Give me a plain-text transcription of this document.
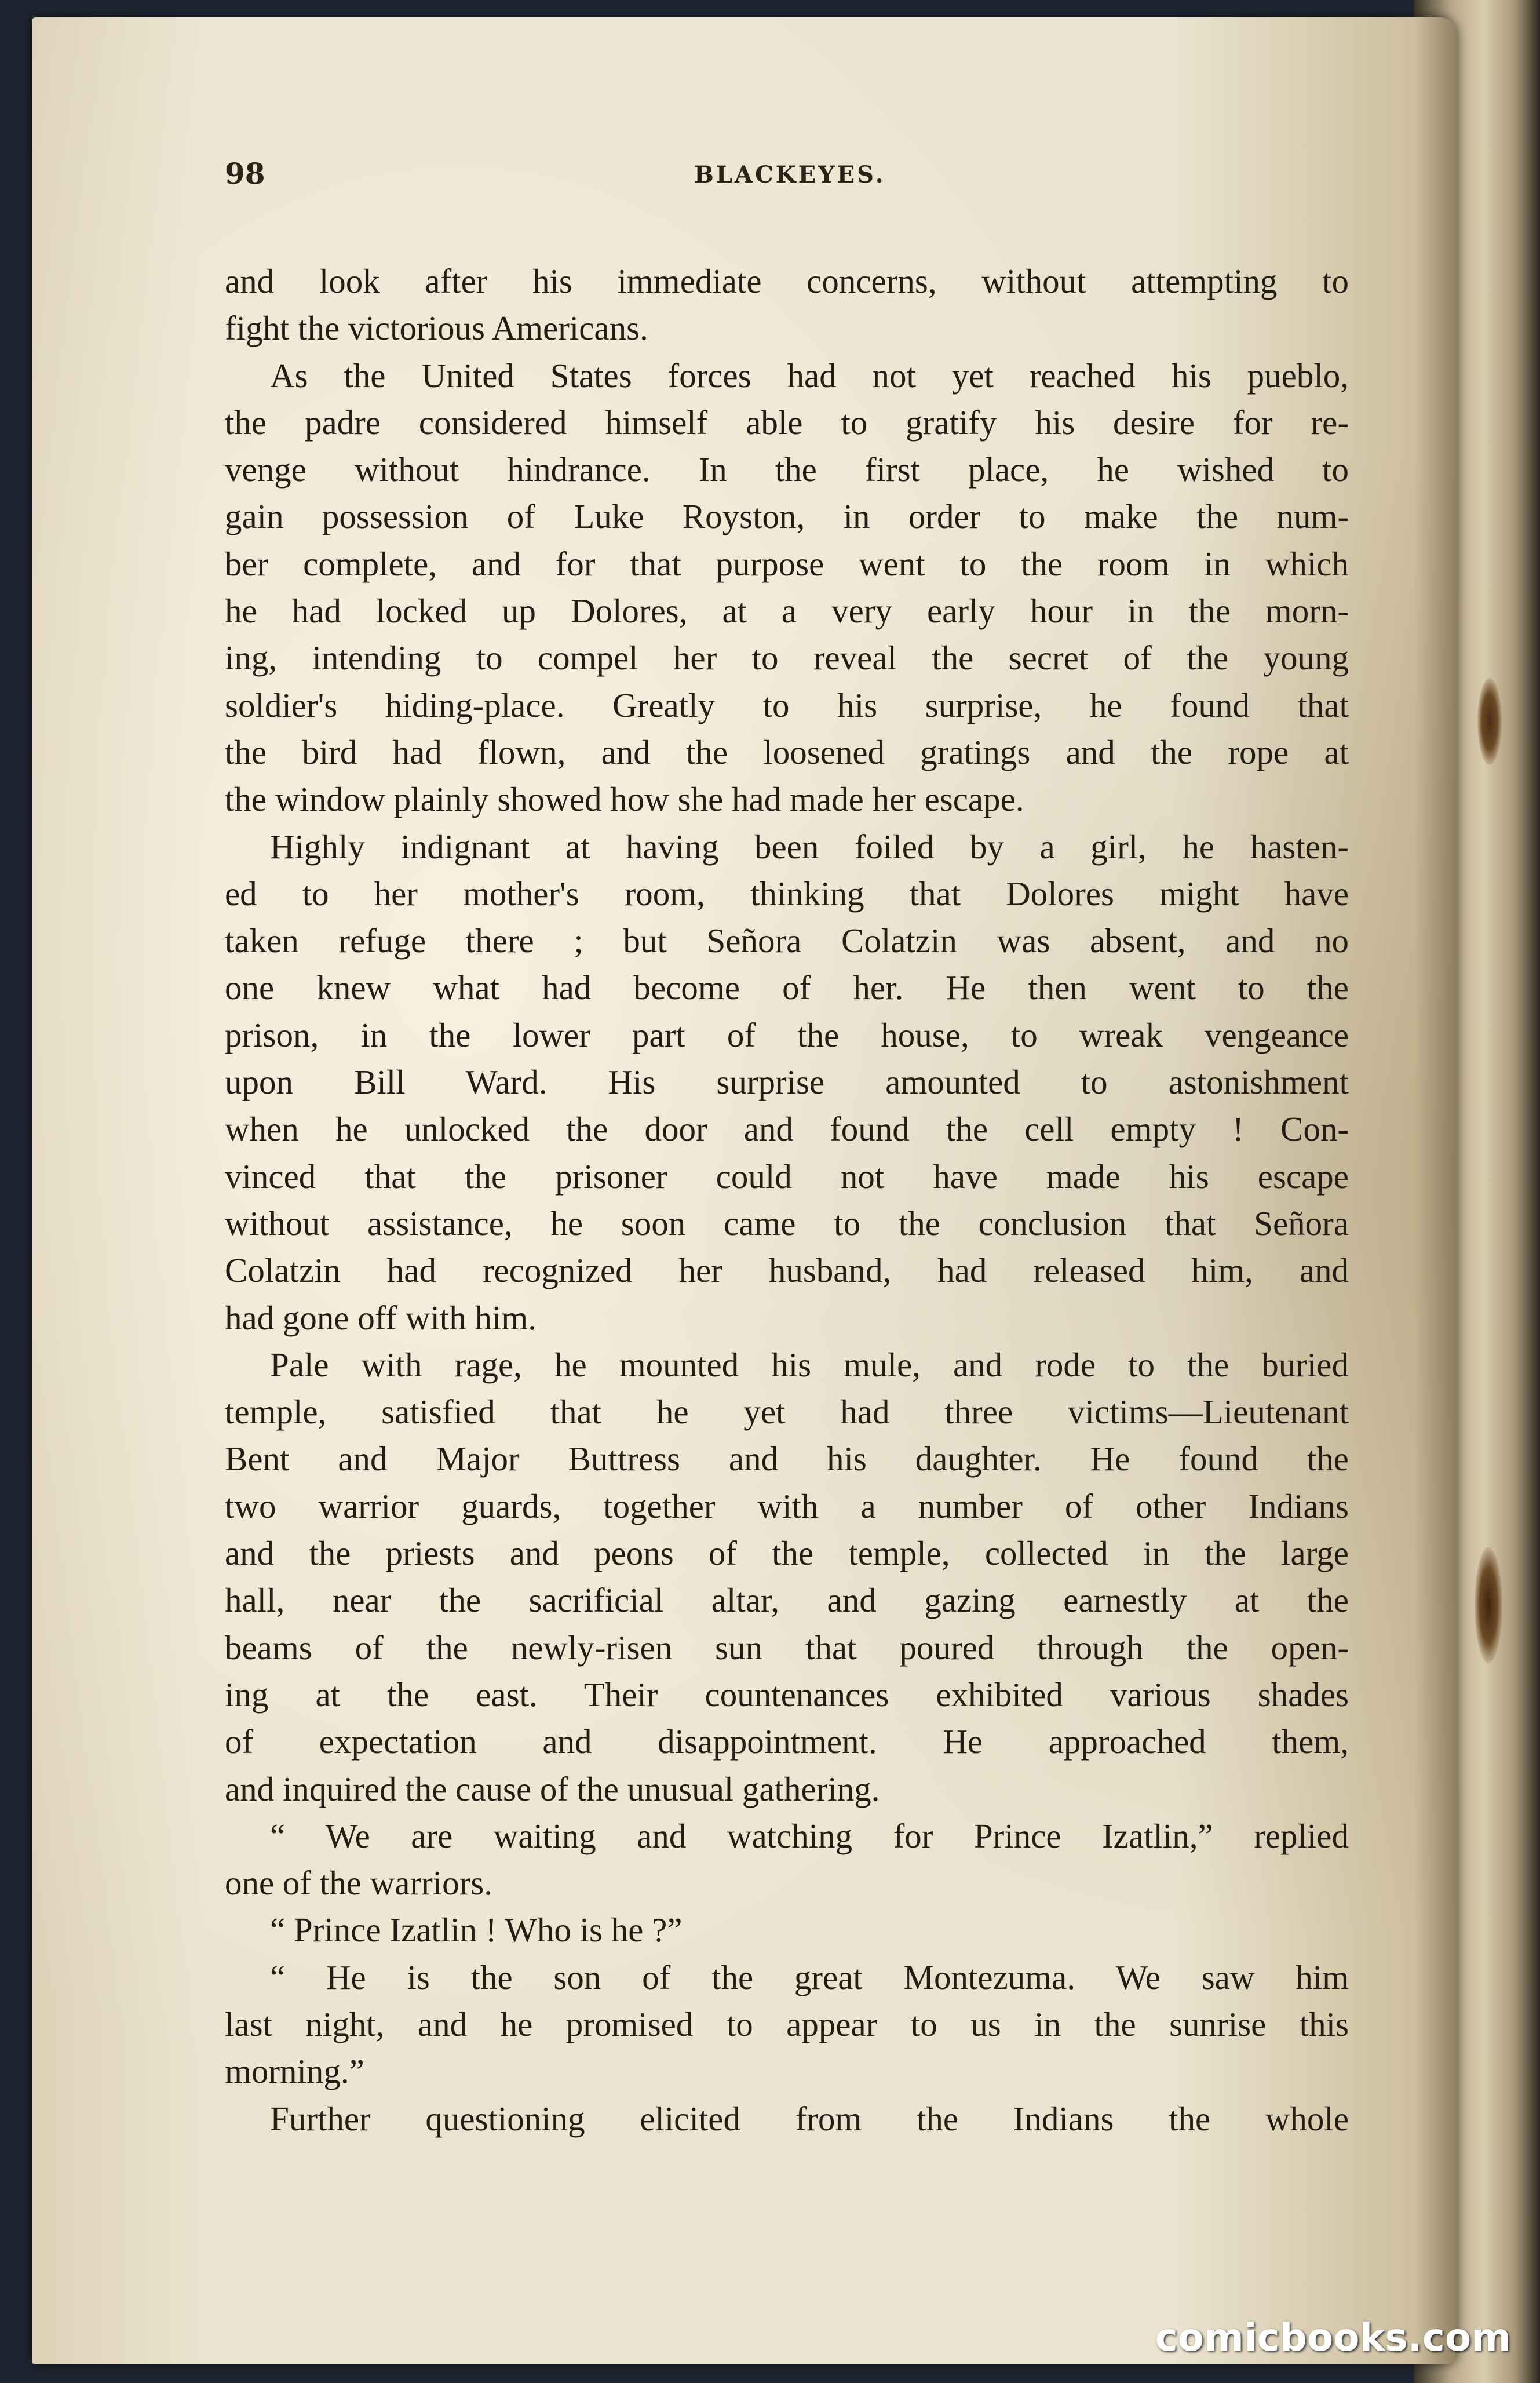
98	BLACKEYES.
and look after his immediate concerns, without attempting to
fight the victorious Americans.
As the United States forces had not yet reached his pueblo,
the padre considered himself able to gratify his desire for re-
venge without hindrance. In the first place, he wished to
gain possession of Luke Royston, in order to make the num-
ber complete, and for that purpose went to the room in which
he had locked up Dolores, at a very early hour in the morn-
ing, intending to compel her to reveal the secret of the young
soldier's hiding-place. Greatly to his surprise, he found that
the bird had flown, and the loosened gratings and the rope at
the window plainly showed how she had made her escape.
Highly indignant at having been foiled by a girl, he hasten-
ed to her mother's room, thinking that Dolores might have
taken refuge there ; but Señora Colatzin was absent, and no
one knew what had become of her. He then went to the
prison, in the lower part of the house, to wreak vengeance
upon Bill Ward. His surprise amounted to astonishment
when he unlocked the door and found the cell empty ! Con-
vinced that the prisoner could not have made his escape
without assistance, he soon came to the conclusion that Señora
Colatzin had recognized her husband, had released him, and
had gone off with him.
Pale with rage, he mounted his mule, and rode to the buried
temple, satisfied that he yet had three victims—Lieutenant
Bent and Major Buttress and his daughter. He found the
two warrior guards, together with a number of other Indians
and the priests and peons of the temple, collected in the large
hall, near the sacrificial altar, and gazing earnestly at the
beams of the newly-risen sun that poured through the open-
ing at the east. Their countenances exhibited various shades
of expectation and disappointment. He approached them,
and inquired the cause of the unusual gathering.
“ We are waiting and watching for Prince Izatlin,” replied
one of the warriors.
“ Prince Izatlin ! Who is he ?”
“ He is the son of the great Montezuma. We saw him
last night, and he promised to appear to us in the sunrise this
morning.”
Further questioning elicited from the Indians the whole
comicbooks.com
